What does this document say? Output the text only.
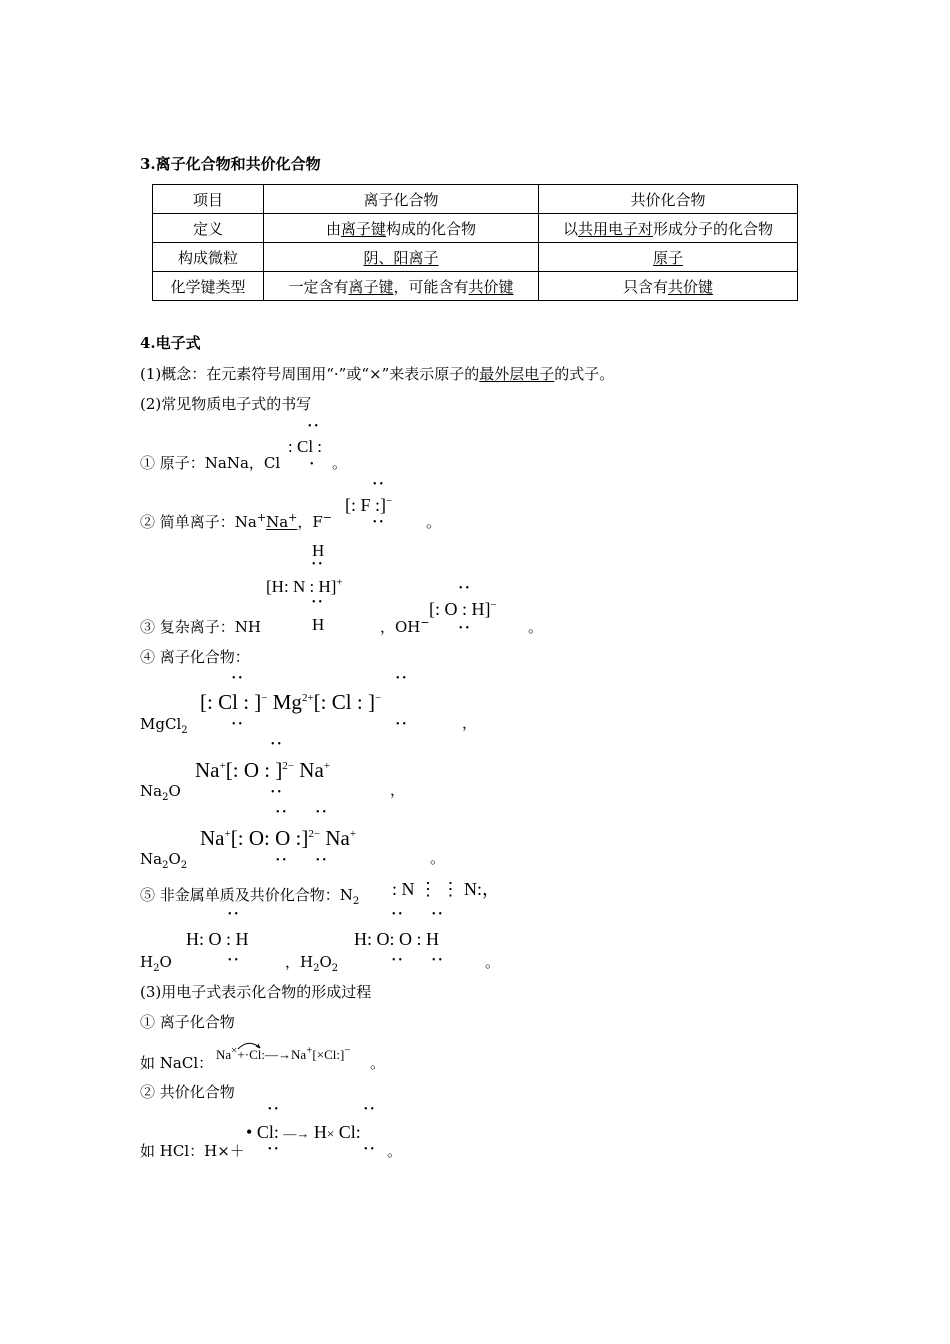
3.离子化合物和共价化合物
项目	离子化合物	共价化合物
定义	由离子键构成的化合物	以共用电子对形成分子的化合物
构成微粒	阴、阳离子	原子
化学键类型	一定含有离子键，可能含有共价键	只含有共价键
4.电子式
(1)概念：在元素符号周围用“·”或“×”来表示原子的最外层电子的式子。
(2)常见物质电子式的书写
① 原子：NaNa，Cl
••
: Cl :
• 。
② 简单离子：Na+Na+，F−
••
[: F :]−
••	。
H
••
[H: N : H]+
••
H
③ 复杂离子：NH	，OH−
••
[: O : H]−
••	。
④ 离子化合物：
MgCl$_2$
••	••
[: Cl : ]− $Mg^{2+}$[: Cl : ]−
••	••	，
$Na_2O$
••
Na+[: O : ]$^{2-}$ Na+
••	，
$Na_2O_2$
••	••
Na+[: O: O :]$^{2-}$ Na+
••	••	。
⑤ 非金属单质及共价化合物：$N_2$
: N ⋮ ⋮ N:，
$H_2O$
••
H: O : H
••	，$H_2O_2$
••	••
H: O: O : H
••	••	。
(3)用电子式表示化合物的形成过程
① 离子化合物
如 NaCl： Na×+·Cl:—→Na+[×Cl:]−
。
② 共价化合物
如 HCl：H×＋
••	••
• Cl: —→ H× Cl:
••	•• 。
